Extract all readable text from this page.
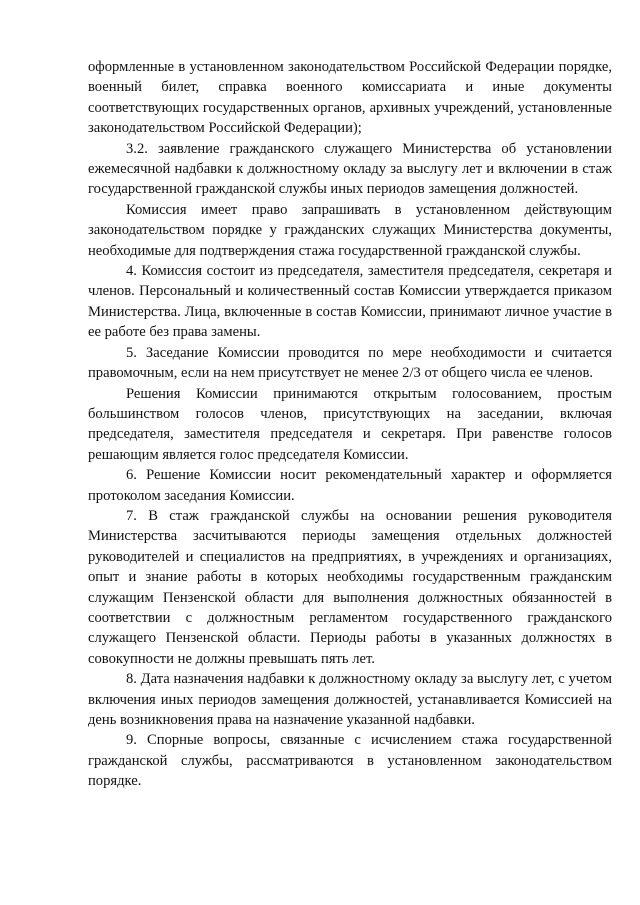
оформленные в установленном законодательством Российской Федерации порядке, военный билет, справка военного комиссариата и иные документы соответствующих государственных органов, архивных учреждений, установленные законодательством Российской Федерации);

3.2. заявление гражданского служащего Министерства об установлении ежемесячной надбавки к должностному окладу за выслугу лет и включении в стаж государственной гражданской службы иных периодов замещения должностей.

Комиссия имеет право запрашивать в установленном действующим законодательством порядке у гражданских служащих Министерства документы, необходимые для подтверждения стажа государственной гражданской службы.

4. Комиссия состоит из председателя, заместителя председателя, секретаря и членов. Персональный и количественный состав Комиссии утверждается приказом Министерства. Лица, включенные в состав Комиссии, принимают личное участие в ее работе без права замены.

5. Заседание Комиссии проводится по мере необходимости и считается правомочным, если на нем присутствует не менее 2/3 от общего числа ее членов.

Решения Комиссии принимаются открытым голосованием, простым большинством голосов членов, присутствующих на заседании, включая председателя, заместителя председателя и секретаря. При равенстве голосов решающим является голос председателя Комиссии.

6. Решение Комиссии носит рекомендательный характер и оформляется протоколом заседания Комиссии.

7. В стаж гражданской службы на основании решения руководителя Министерства засчитываются периоды замещения отдельных должностей руководителей и специалистов на предприятиях, в учреждениях и организациях, опыт и знание работы в которых необходимы государственным гражданским служащим Пензенской области для выполнения должностных обязанностей в соответствии с должностным регламентом государственного гражданского служащего Пензенской области. Периоды работы в указанных должностях в совокупности не должны превышать пять лет.

8. Дата назначения надбавки к должностному окладу за выслугу лет, с учетом включения иных периодов замещения должностей, устанавливается Комиссией на день возникновения права на назначение указанной надбавки.

9. Спорные вопросы, связанные с исчислением стажа государственной гражданской службы, рассматриваются в установленном законодательством порядке.
